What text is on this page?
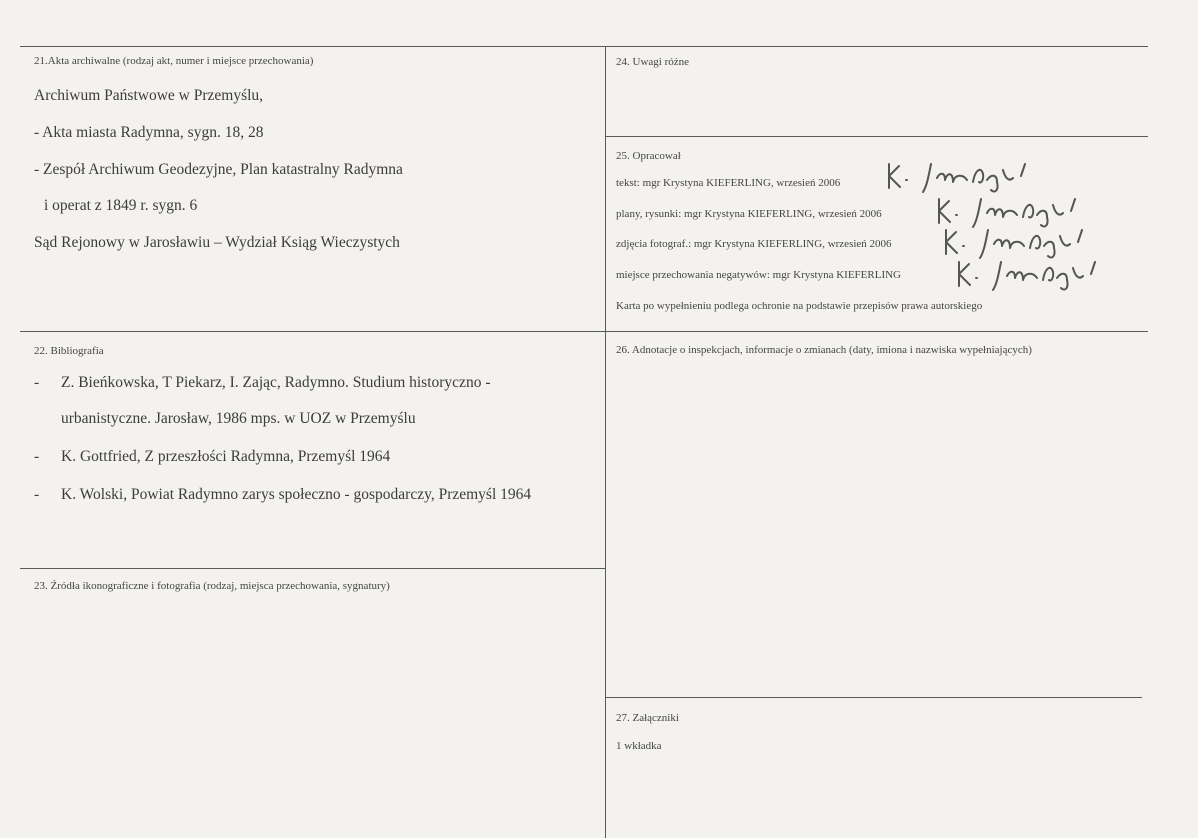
21.Akta archiwalne (rodzaj akt, numer i miejsce przechowania)
Archiwum Państwowe w Przemyślu,
- Akta miasta Radymna, sygn. 18, 28
- Zespół Archiwum Geodezyjne, Plan katastralny Radymna
i operat z 1849 r. sygn. 6
Sąd Rejonowy w Jarosławiu – Wydział Ksiąg Wieczystych
22. Bibliografia
- Z. Bieńkowska, T Piekarz, I. Zając, Radymno. Studium historyczno -
urbanistyczne. Jarosław, 1986 mps. w UOZ w Przemyślu
- K. Gottfried, Z przeszłości Radymna, Przemyśl 1964
- K. Wolski, Powiat Radymno zarys społeczno - gospodarczy, Przemyśl 1964
23. Źródła ikonograficzne i fotografia (rodzaj, miejsca przechowania, sygnatury)
24. Uwagi różne
25. Opracował
tekst: mgr Krystyna KIEFERLING, wrzesień 2006
plany, rysunki: mgr Krystyna KIEFERLING, wrzesień 2006
zdjęcia fotograf.: mgr Krystyna KIEFERLING, wrzesień 2006
miejsce przechowania negatywów: mgr Krystyna KIEFERLING
Karta po wypełnieniu podlega ochronie na podstawie przepisów prawa autorskiego
26. Adnotacje o inspekcjach, informacje o zmianach (daty, imiona i nazwiska wypełniających)
27. Załączniki
1 wkładka
